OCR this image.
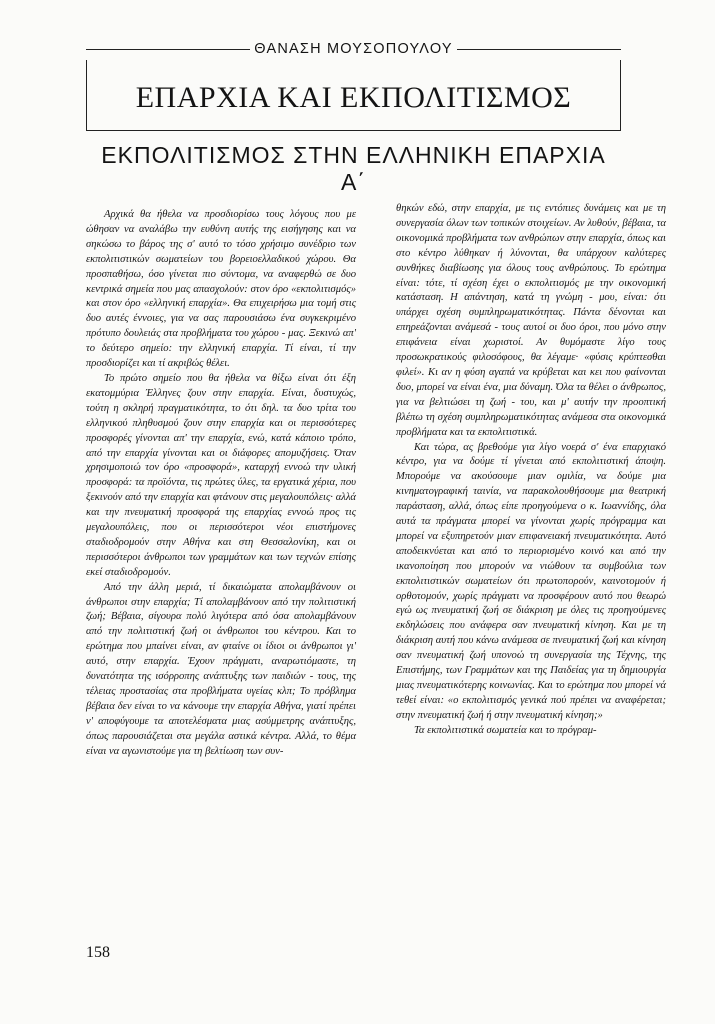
ΘΑΝΑΣΗ ΜΟΥΣΟΠΟΥΛΟΥ
ΕΠΑΡΧΙΑ ΚΑΙ ΕΚΠΟΛΙΤΙΣΜΟΣ
ΕΚΠΟΛΙΤΙΣΜΟΣ ΣΤΗΝ ΕΛΛΗΝΙΚΗ ΕΠΑΡΧΙΑ
Α΄

Αρχικά θα ήθελα να προσδιορίσω τους λόγους που με ώθησαν να αναλάβω την ευθύνη αυτής της εισήγησης και να σηκώσω το βάρος της σ' αυτό το τόσο χρήσιμο συνέδριο των εκπολιτιστικών σωματείων του βορειοελλαδικού χώρου. Θα προσπαθήσω, όσο γίνεται πιο σύντομα, να αναφερθώ σε δυο κεντρικά σημεία που μας απασχολούν: στον όρο «εκπολιτισμός» και στον όρο «ελληνική επαρχία». Θα επιχειρήσω μια τομή στις δυο αυτές έννοιες, για να σας παρουσιάσω ένα συγκεκριμένο πρότυπο δουλειάς στα προβλήματα του χώρου - μας. Ξεκινώ απ' το δεύτερο σημείο: την ελληνική επαρχία. Τί είναι, τί την προσδιορίζει και τί ακριβώς θέλει.

Το πρώτο σημείο που θα ήθελα να θίξω είναι ότι έξη εκατομμύρια Έλληνες ζουν στην επαρχία. Είναι, δυστυχώς, τούτη η σκληρή πραγματικότητα, το ότι δηλ. τα δυο τρίτα του ελληνικού πληθυσμού ζουν στην επαρχία και οι περισσότερες προσφορές γίνονται απ' την επαρχία, ενώ, κατά κάποιο τρόπο, από την επαρχία γίνονται και οι διάφορες απομυζήσεις. Όταν χρησιμοποιώ τον όρο «προσφορά», καταρχή εννοώ την υλική προσφορά: τα προϊόντα, τις πρώτες ύλες, τα εργατικά χέρια, που ξεκινούν από την επαρχία και φτάνουν στις μεγαλουπόλεις· αλλά και την πνευματική προσφορά της επαρχίας εννοώ προς τις μεγαλουπόλεις, που οι περισσότεροι νέοι επιστήμονες σταδιοδρομούν στην Αθήνα και στη Θεσσαλονίκη, και οι περισσότεροι άνθρωποι των γραμμάτων και των τεχνών επίσης εκεί σταδιοδρομούν.

Από την άλλη μεριά, τί δικαιώματα απολαμβάνουν οι άνθρωποι στην επαρχία; Τί απολαμβάνουν από την πολιτιστική ζωή; Βέβαια, σίγουρα πολύ λιγότερα από όσα απολαμβάνουν από την πολιτιστική ζωή οι άνθρωποι του κέντρου. Και το ερώτημα που μπαίνει είναι, αν φταίνε οι ίδιοι οι άνθρωποι γι' αυτό, στην επαρχία. Έχουν πράγματι, αναρωτιόμαστε, τη δυνατότητα της ισόρροπης ανάπτυξης των παιδιών - τους, της τέλειας προστασίας στα προβλήματα υγείας κλπ; Το πρόβλημα βέβαια δεν είναι το να κάνουμε την επαρχία Αθήνα, γιατί πρέπει ν' αποφύγουμε τα αποτελέσματα μιας ασύμμετρης ανάπτυξης, όπως παρουσιάζεται στα μεγάλα αστικά κέντρα. Αλλά, το θέμα είναι να αγωνιστούμε για τη βελτίωση των συν-

θηκών εδώ, στην επαρχία, με τις εντόπιες δυνάμεις και με τη συνεργασία όλων των τοπικών στοιχείων. Αν λυθούν, βέβαια, τα οικονομικά προβλήματα των ανθρώπων στην επαρχία, όπως και στο κέντρο λύθηκαν ή λύνονται, θα υπάρχουν καλύτερες συνθήκες διαβίωσης για όλους τους ανθρώπους. Το ερώτημα είναι: τότε, τί σχέση έχει ο εκπολιτισμός με την οικονομική κατάσταση. Η απάντηση, κατά τη γνώμη - μου, είναι: ότι υπάρχει σχέση συμπληρωματικότητας. Πάντα δένονται και επηρεάζονται ανάμεσά - τους αυτοί οι δυο όροι, που μόνο στην επιφάνεια είναι χωριστοί. Αν θυμόμαστε λίγο τους προσωκρατικούς φιλοσόφους, θα λέγαμε· «φύσις κρύπτεσθαι φιλεί». Κι αν η φύση αγαπά να κρύβεται και κει που φαίνονται δυο, μπορεί να είναι ένα, μια δύναμη. Όλα τα θέλει ο άνθρωπος, για να βελτιώσει τη ζωή - του, και μ' αυτήν την προοπτική βλέπω τη σχέση συμπληρωματικότητας ανάμεσα στα οικονομικά προβλήματα και τα εκπολιτιστικά.

Και τώρα, ας βρεθούμε για λίγο νοερά σ' ένα επαρχιακό κέντρο, για να δούμε τί γίνεται από εκπολιτιστική άποψη. Μπορούμε να ακούσουμε μιαν ομιλία, να δούμε μια κινηματογραφική ταινία, να παρακολουθήσουμε μια θεατρική παράσταση, αλλά, όπως είπε προηγούμενα ο κ. Ιωαννίδης, όλα αυτά τα πράγματα μπορεί να γίνονται χωρίς πρόγραμμα και μπορεί να εξυπηρετούν μιαν επιφανειακή πνευματικότητα. Αυτό αποδεικνύεται και από το περιορισμένο κοινό και από την ικανοποίηση που μπορούν να νιώθουν τα συμβούλια των εκπολιτιστικών σωματείων ότι πρωτοπορούν, καινοτομούν ή ορθοτομούν, χωρίς πράγματι να προσφέρουν αυτό που θεωρώ εγώ ως πνευματική ζωή σε διάκριση με όλες τις προηγούμενες εκδηλώσεις που ανάφερα σαν πνευματική κίνηση. Και με τη διάκριση αυτή που κάνω ανάμεσα σε πνευματική ζωή και κίνηση σαν πνευματική ζωή υπονοώ τη συνεργασία της Τέχνης, της Επιστήμης, των Γραμμάτων και της Παιδείας για τη δημιουργία μιας πνευματικότερης κοινωνίας. Και το ερώτημα που μπορεί νά τεθεί είναι: «ο εκπολιτισμός γενικά πού πρέπει να αναφέρεται; στην πνευματική ζωή ή στην πνευματική κίνηση;»

Τα εκπολιτιστικά σωματεία και το πρόγραμ-

158
